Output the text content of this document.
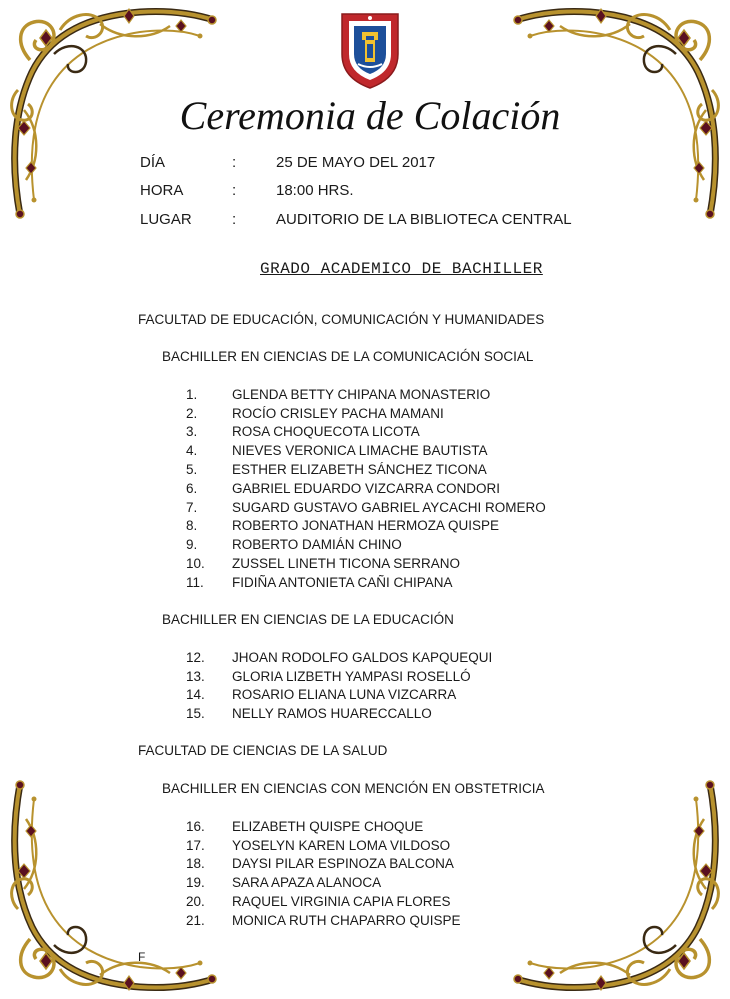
Ceremonia de Colación
DÍA	:	25 DE MAYO DEL 2017
HORA	:	18:00 HRS.
LUGAR	:	AUDITORIO DE LA BIBLIOTECA CENTRAL
GRADO ACADEMICO DE BACHILLER
FACULTAD DE EDUCACIÓN, COMUNICACIÓN Y HUMANIDADES
BACHILLER EN CIENCIAS DE LA COMUNICACIÓN SOCIAL
1.	GLENDA BETTY CHIPANA MONASTERIO
2.	ROCÍO CRISLEY PACHA MAMANI
3.	ROSA CHOQUECOTA LICOTA
4.	NIEVES VERONICA LIMACHE BAUTISTA
5.	ESTHER ELIZABETH SÁNCHEZ TICONA
6.	GABRIEL EDUARDO VIZCARRA CONDORI
7.	SUGARD GUSTAVO GABRIEL AYCACHI ROMERO
8.	ROBERTO JONATHAN HERMOZA QUISPE
9.	ROBERTO DAMIÁN CHINO
10.	ZUSSEL LINETH TICONA SERRANO
11.	FIDIÑA ANTONIETA CAÑI CHIPANA
BACHILLER EN CIENCIAS DE LA EDUCACIÓN
12.	JHOAN RODOLFO GALDOS KAPQUEQUI
13.	GLORIA LIZBETH YAMPASI ROSELLÓ
14.	ROSARIO ELIANA LUNA VIZCARRA
15.	NELLY RAMOS HUARECCALLO
FACULTAD DE CIENCIAS DE LA SALUD
BACHILLER EN CIENCIAS CON MENCIÓN EN OBSTETRICIA
16.	ELIZABETH QUISPE CHOQUE
17.	YOSELYN KAREN LOMA VILDOSO
18.	DAYSI PILAR ESPINOZA BALCONA
19.	SARA APAZA ALANOCA
20.	RAQUEL VIRGINIA CAPIA FLORES
21.	MONICA RUTH CHAPARRO QUISPE
F
